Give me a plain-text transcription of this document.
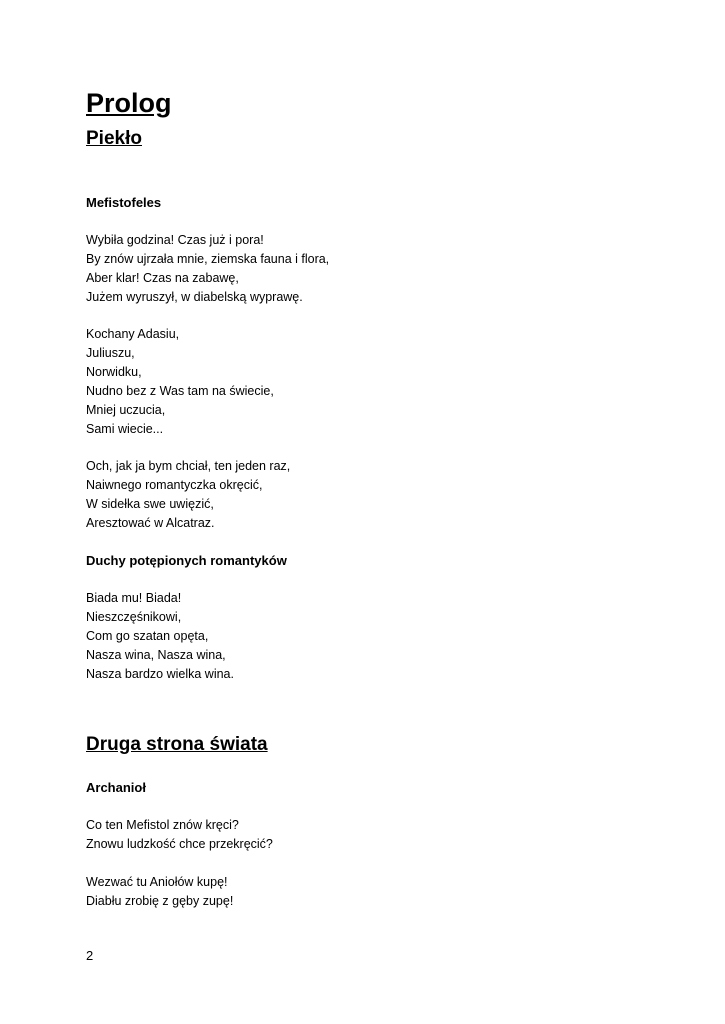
Prolog
Piekło

Mefistofeles

Wybiła godzina! Czas już i pora!
By znów ujrzała mnie, ziemska fauna i flora,
Aber klar! Czas na zabawę,
Jużem wyruszył, w diabelską wyprawę.
Kochany Adasiu,
Juliuszu,
Norwidku,
Nudno bez z Was tam na świecie,
Mniej uczucia,
Sami wiecie...
Och, jak ja bym chciał, ten jeden raz,
Naiwnego romantyczka okręcić,
W sidełka swe uwięzić,
Aresztować w Alcatraz.

Duchy potępionych romantyków

Biada mu! Biada!
Nieszczęśnikowi,
Com go szatan opęta,
Nasza wina, Nasza wina,
Nasza bardzo wielka wina.
Druga strona świata

Archanioł

Co ten Mefistol znów kręci?
Znowu ludzkość chce przekręcić?
Wezwać tu Aniołów kupę!
Diabłu zrobię z gęby zupę!
2
